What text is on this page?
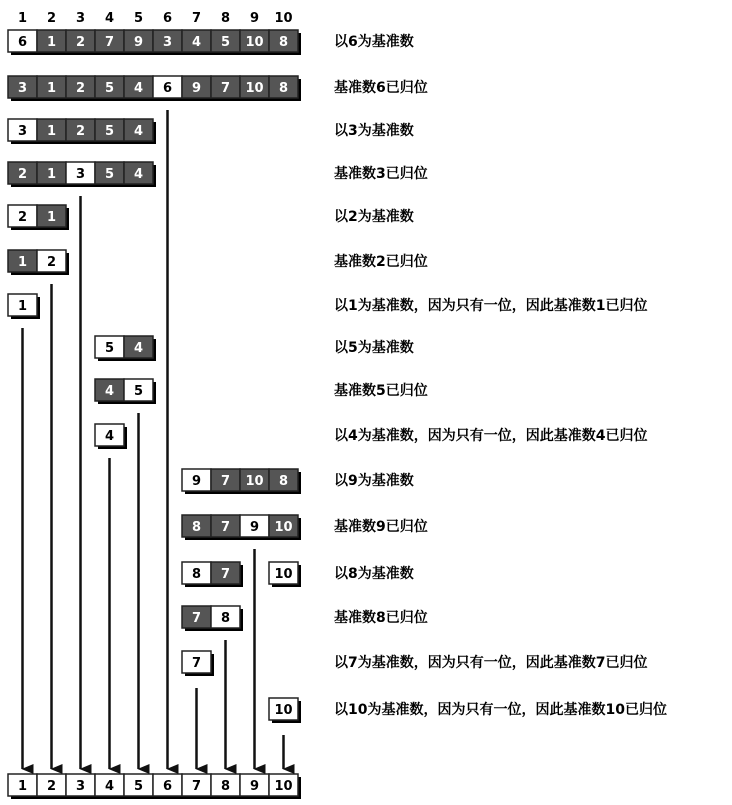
1 2 3 4 5 6 7 8 9 10
6 1 2 7 9 3 4 5 10 8	以6为基准数
3 1 2 5 4 6 9 7 10 8	基准数6已归位
3 1 2 5 4	以3为基准数
2 1 3 5 4	基准数3已归位
2 1	以2为基准数
1 2	基准数2已归位
1	以1为基准数，因为只有一位，因此基准数1已归位
5 4	以5为基准数
4 5	基准数5已归位
4	以4为基准数，因为只有一位，因此基准数4已归位
9 7 10 8	以9为基准数
8 7 9 10	基准数9已归位
8 7	10	以8为基准数
7 8	基准数8已归位
7	以7为基准数，因为只有一位，因此基准数7已归位
10	以10为基准数，因为只有一位，因此基准数10已归位
1 2 3 4 5 6 7 8 9 10
